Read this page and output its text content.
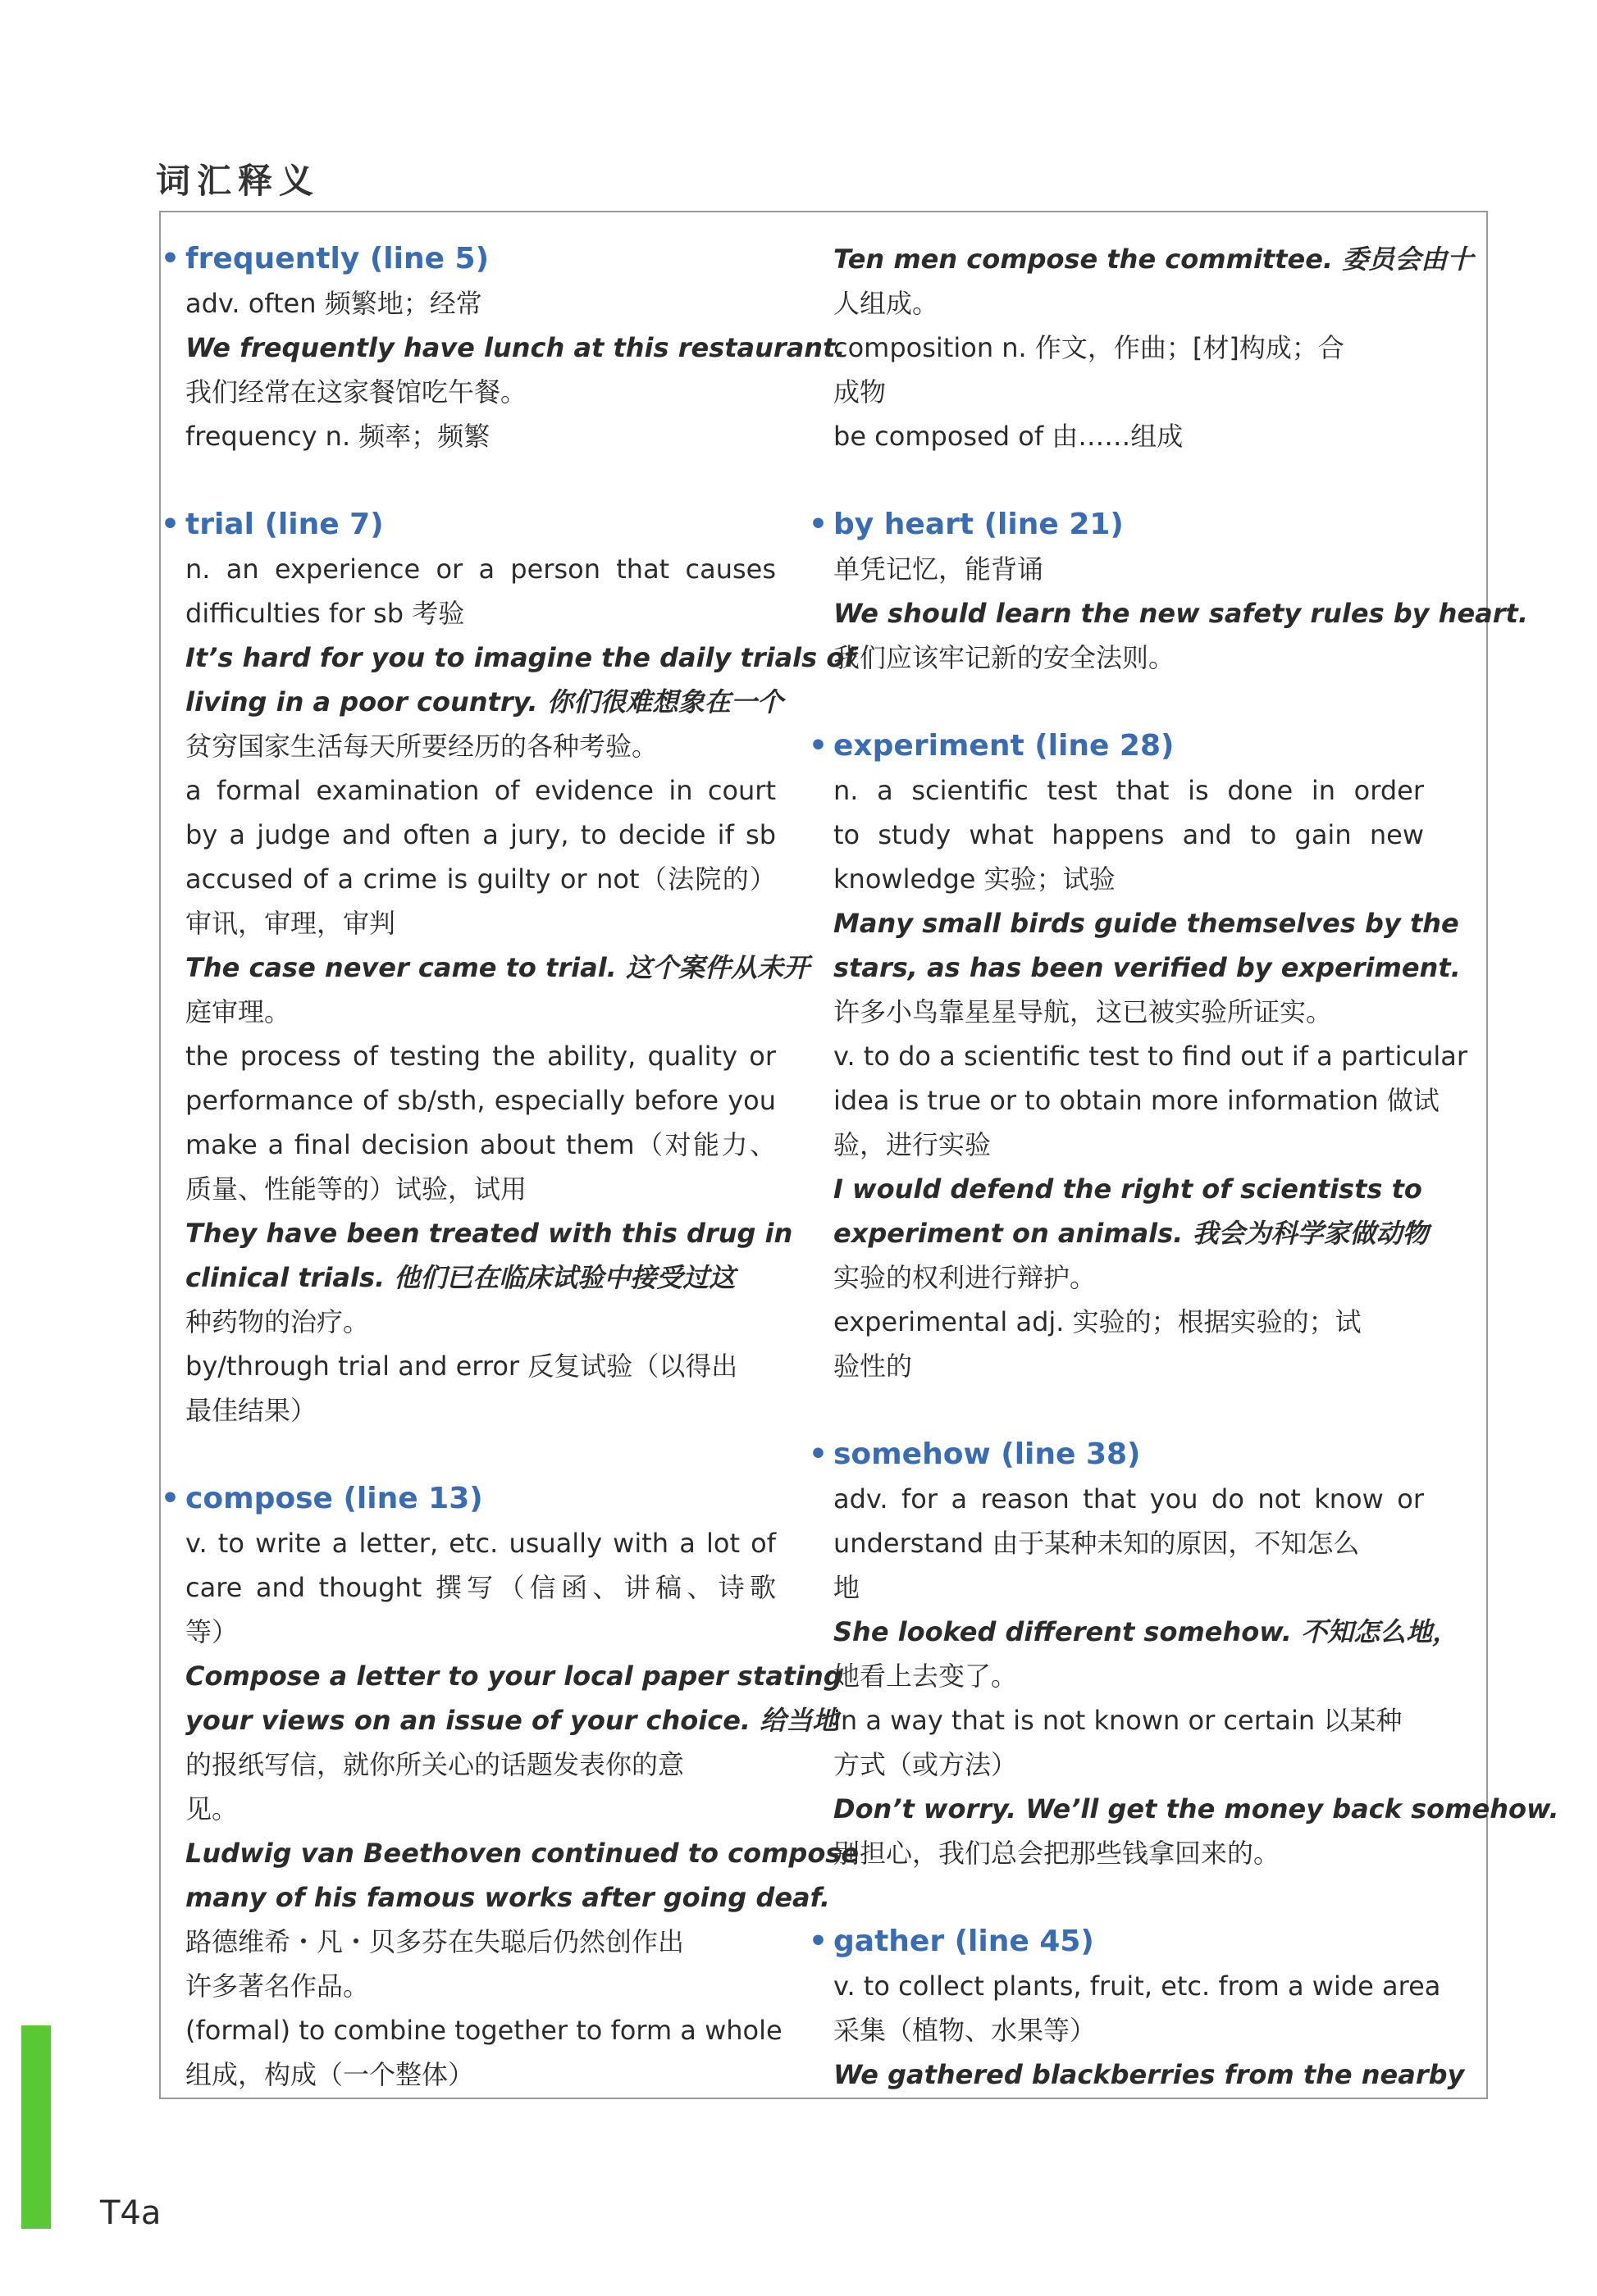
词汇释义
• frequently (line 5)

adv. often 频繁地；经常

We frequently have lunch at this restaurant.

我们经常在这家餐馆吃午餐。

frequency n. 频率；频繁

• trial (line 7)

n. an experience or a person that causes

difficulties for sb 考验

It’s hard for you to imagine the daily trials of

living in a poor country. 你们很难想象在一个

贫穷国家生活每天所要经历的各种考验。

a formal examination of evidence in court

by a judge and often a jury, to decide if sb

accused of a crime is guilty or not（法院的）

审讯，审理，审判

The case never came to trial. 这个案件从未开

庭审理。

the process of testing the ability, quality or

performance of sb/sth, especially before you

make a final decision about them（对能力、

质量、性能等的）试验，试用

They have been treated with this drug in

clinical trials. 他们已在临床试验中接受过这

种药物的治疗。

by/through trial and error 反复试验（以得出

最佳结果）

• compose (line 13)

v. to write a letter, etc. usually with a lot of

care and thought 撰写（信函、讲稿、诗歌

等）

Compose a letter to your local paper stating

your views on an issue of your choice. 给当地

的报纸写信，就你所关心的话题发表你的意

见。

Ludwig van Beethoven continued to compose

many of his famous works after going deaf.

路德维希・凡・贝多芬在失聪后仍然创作出

许多著名作品。

(formal) to combine together to form a whole

组成，构成（一个整体）

Ten men compose the committee. 委员会由十

人组成。

composition n. 作文，作曲；[材]构成；合

成物

be composed of 由……组成

• by heart (line 21)

单凭记忆，能背诵

We should learn the new safety rules by heart.

我们应该牢记新的安全法则。

• experiment (line 28)

n. a scientific test that is done in order

to study what happens and to gain new

knowledge 实验；试验

Many small birds guide themselves by the

stars, as has been verified by experiment.

许多小鸟靠星星导航，这已被实验所证实。

v. to do a scientific test to find out if a particular

idea is true or to obtain more information 做试

验，进行实验

I would defend the right of scientists to

experiment on animals. 我会为科学家做动物

实验的权利进行辩护。

experimental adj. 实验的；根据实验的；试

验性的

• somehow (line 38)

adv. for a reason that you do not know or

understand 由于某种未知的原因，不知怎么

地

She looked different somehow. 不知怎么地，

她看上去变了。

in a way that is not known or certain 以某种

方式（或方法）

Don’t worry. We’ll get the money back somehow.

别担心，我们总会把那些钱拿回来的。

• gather (line 45)

v. to collect plants, fruit, etc. from a wide area

采集（植物、水果等）

We gathered blackberries from the nearby

T4a
